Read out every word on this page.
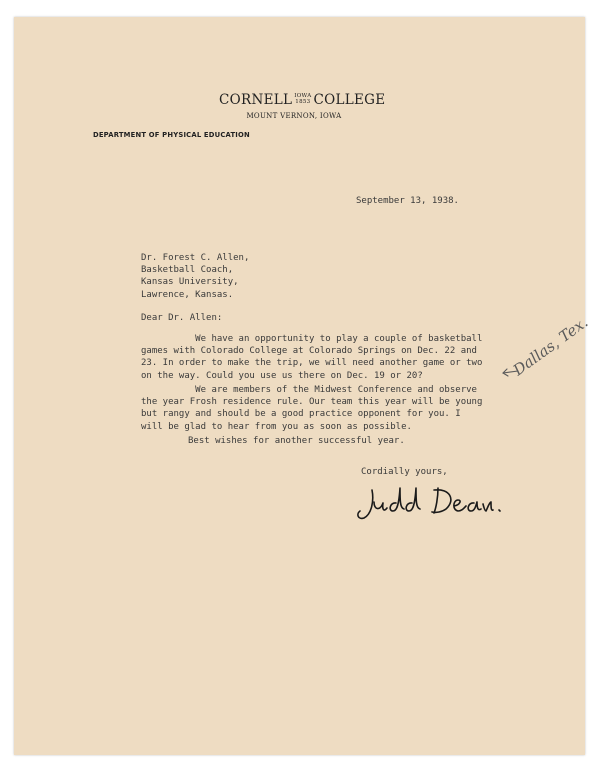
CORNELL IOWA
1853 COLLEGE
MOUNT VERNON, IOWA
DEPARTMENT OF PHYSICAL EDUCATION
September 13, 1938.
Dr. Forest C. Allen,
Basketball Coach,
Kansas University,
Lawrence, Kansas.
Dear Dr. Allen:
We have an opportunity to play a couple of basketball
games with Colorado College at Colorado Springs on Dec. 22 and
23. In order to make the trip, we will need another game or two
on the way. Could you use us there on Dec. 19 or 20?
We are members of the Midwest Conference and observe
the year Frosh residence rule. Our team this year will be young
but rangy and should be a good practice opponent for you. I
will be glad to hear from you as soon as possible.
Best wishes for another successful year.
Cordially yours,
Judd Dean.
Dallas, Tex.
